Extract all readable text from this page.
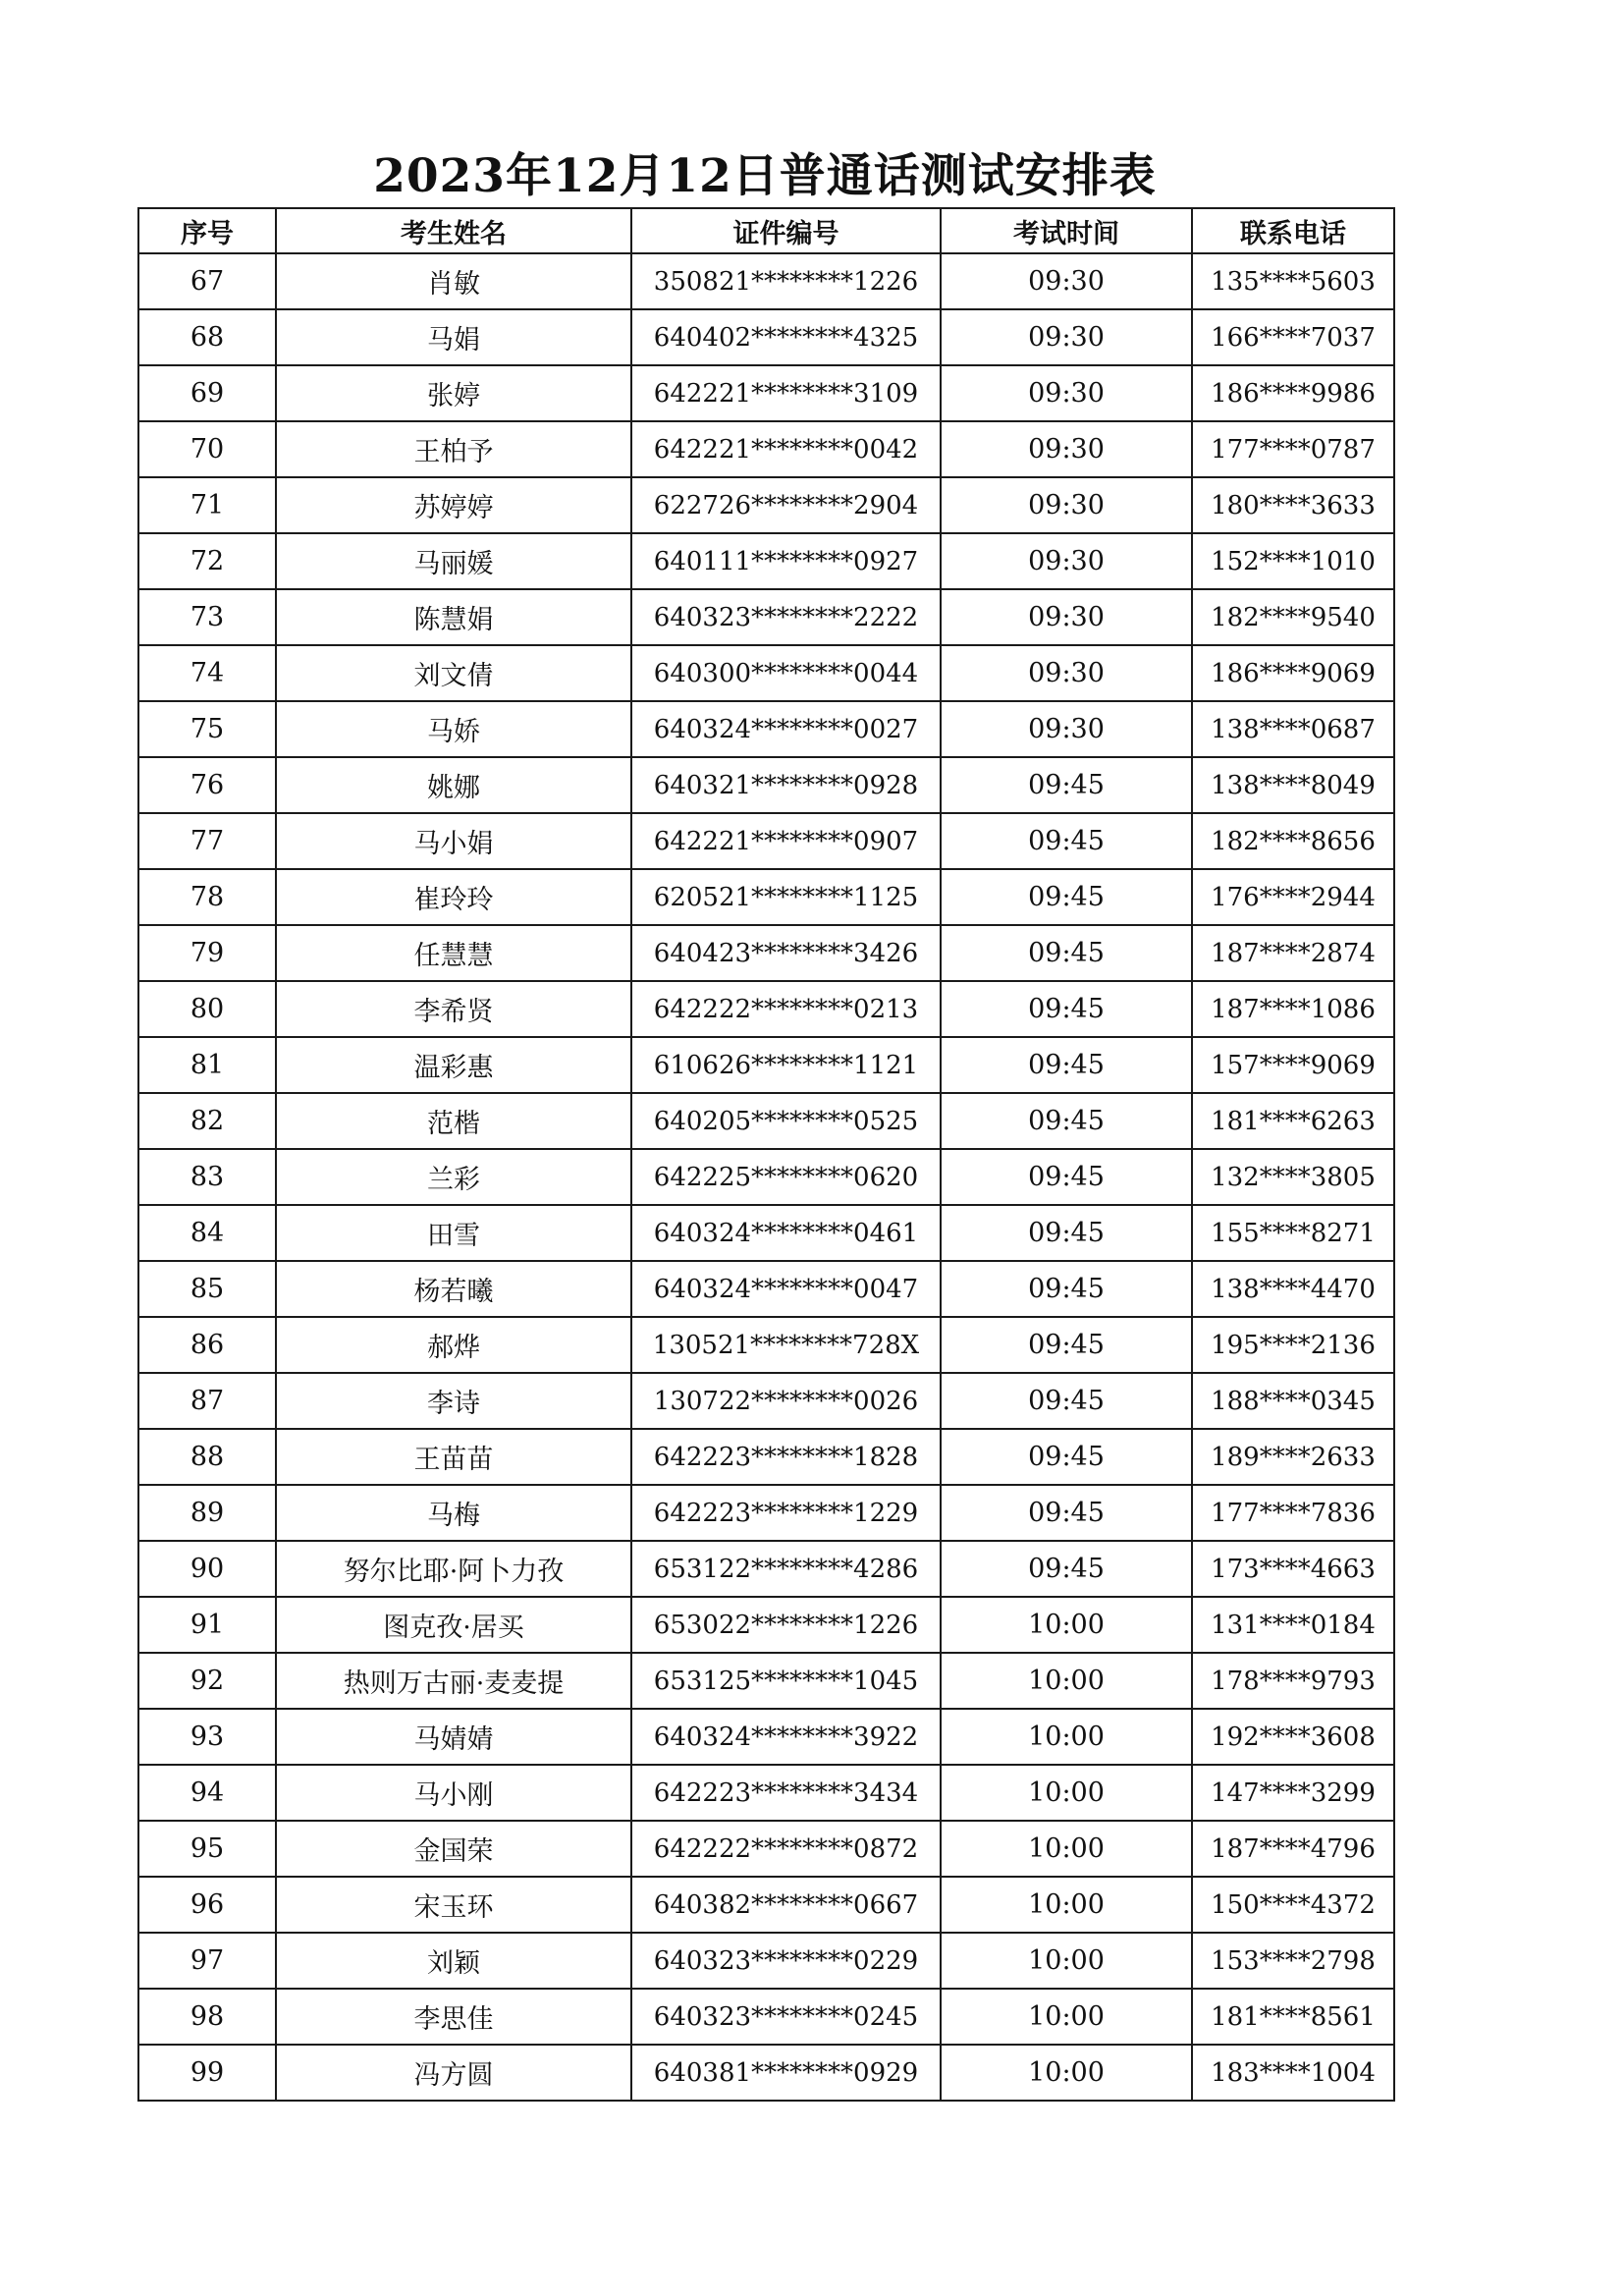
2023年12月12日普通话测试安排表
序号	考生姓名	证件编号	考试时间	联系电话
67	肖敏	350821********1226	09:30	135****5603
68	马娟	640402********4325	09:30	166****7037
69	张婷	642221********3109	09:30	186****9986
70	王柏予	642221********0042	09:30	177****0787
71	苏婷婷	622726********2904	09:30	180****3633
72	马丽媛	640111********0927	09:30	152****1010
73	陈慧娟	640323********2222	09:30	182****9540
74	刘文倩	640300********0044	09:30	186****9069
75	马娇	640324********0027	09:30	138****0687
76	姚娜	640321********0928	09:45	138****8049
77	马小娟	642221********0907	09:45	182****8656
78	崔玲玲	620521********1125	09:45	176****2944
79	任慧慧	640423********3426	09:45	187****2874
80	李希贤	642222********0213	09:45	187****1086
81	温彩惠	610626********1121	09:45	157****9069
82	范楷	640205********0525	09:45	181****6263
83	兰彩	642225********0620	09:45	132****3805
84	田雪	640324********0461	09:45	155****8271
85	杨若曦	640324********0047	09:45	138****4470
86	郝烨	130521********728X	09:45	195****2136
87	李诗	130722********0026	09:45	188****0345
88	王苗苗	642223********1828	09:45	189****2633
89	马梅	642223********1229	09:45	177****7836
90	努尔比耶·阿卜力孜	653122********4286	09:45	173****4663
91	图克孜·居买	653022********1226	10:00	131****0184
92	热则万古丽·麦麦提	653125********1045	10:00	178****9793
93	马婧婧	640324********3922	10:00	192****3608
94	马小刚	642223********3434	10:00	147****3299
95	金国荣	642222********0872	10:00	187****4796
96	宋玉环	640382********0667	10:00	150****4372
97	刘颖	640323********0229	10:00	153****2798
98	李思佳	640323********0245	10:00	181****8561
99	冯方圆	640381********0929	10:00	183****1004
